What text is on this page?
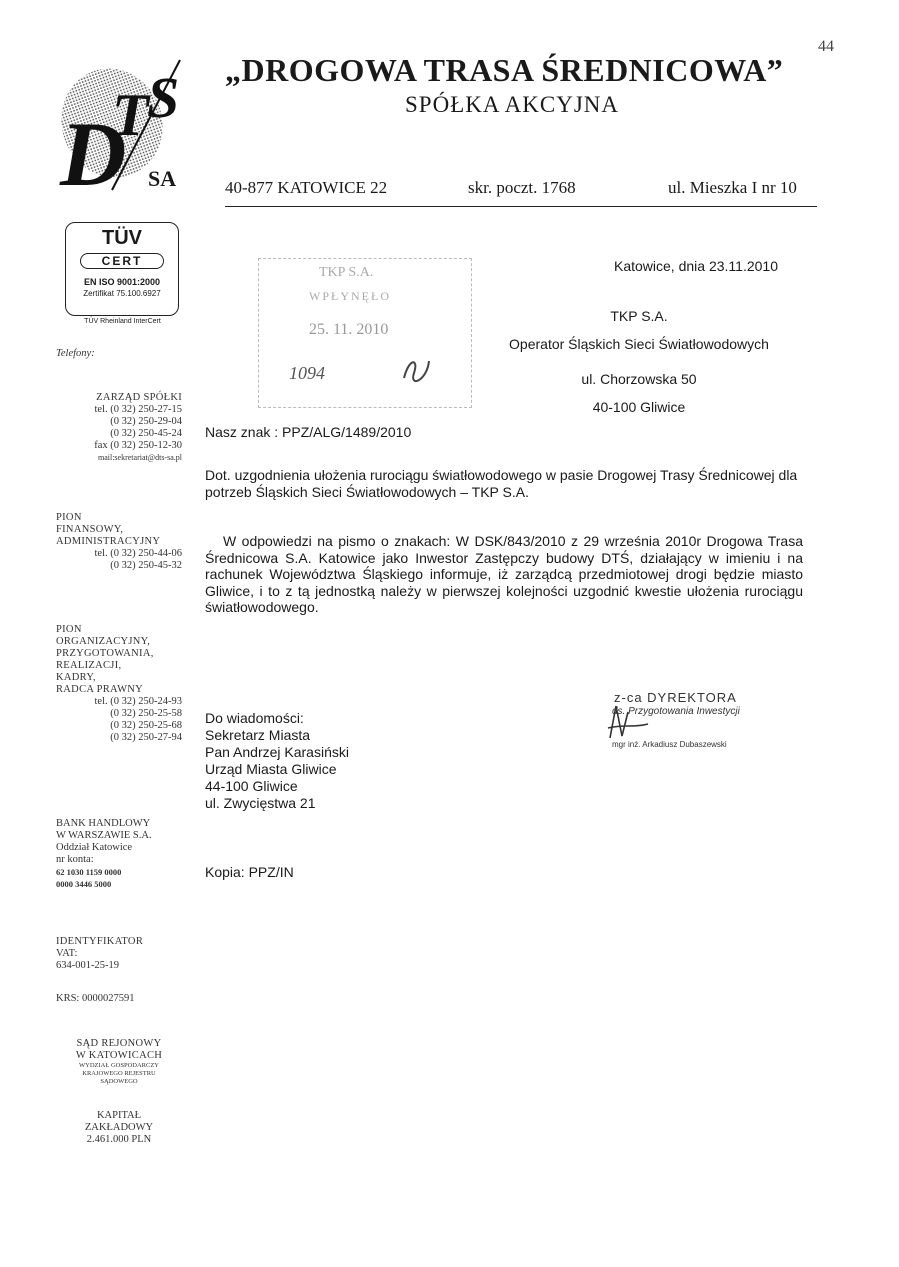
D
T
S
SA
„DROGOWA TRASA ŚREDNICOWA”
SPÓŁKA AKCYJNA
44
40-877 KATOWICE 22	skr. poczt. 1768	ul. Mieszka I nr 10
TÜV
CERT
EN ISO 9001:2000
Zertifikat 75.100.6927
TÜV Rheinland InterCert
Telefony:
ZARZĄD SPÓŁKI
tel. (0 32) 250-27-15
(0 32) 250-29-04
(0 32) 250-45-24
fax (0 32) 250-12-30
mail:sekretariat@dts-sa.pl
PION
FINANSOWY,
ADMINISTRACYJNY
tel. (0 32) 250-44-06
(0 32) 250-45-32
PION
ORGANIZACYJNY,
PRZYGOTOWANIA,
REALIZACJI,
KADRY,
RADCA PRAWNY
tel. (0 32) 250-24-93
(0 32) 250-25-58
(0 32) 250-25-68
(0 32) 250-27-94
BANK HANDLOWY
W WARSZAWIE S.A.
Oddział Katowice
nr konta:
62 1030 1159 0000
0000 3446 5000
IDENTYFIKATOR
VAT:
634-001-25-19
KRS: 0000027591
SĄD REJONOWY
W KATOWICACH
WYDZIAŁ GOSPODARCZY
KRAJOWEGO REJESTRU
SĄDOWEGO
KAPITAŁ
ZAKŁADOWY
2.461.000 PLN
TKP S.A.
WPŁYNĘŁO
25. 11. 2010
1094
Katowice, dnia 23.11.2010
TKP S.A.
Operator Śląskich Sieci Światłowodowych
ul. Chorzowska 50
40-100 Gliwice
Nasz znak : PPZ/ALG/1489/2010
Dot. uzgodnienia ułożenia rurociągu światłowodowego w pasie Drogowej Trasy Średnicowej dla potrzeb Śląskich Sieci Światłowodowych – TKP S.A.

W odpowiedzi na pismo o znakach: W DSK/843/2010 z 29 września 2010r Drogowa Trasa Średnicowa S.A. Katowice jako Inwestor Zastępczy budowy DTŚ, działający w imieniu i na rachunek Województwa Śląskiego informuje, iż zarządcą przedmiotowej drogi będzie miasto Gliwice, i to z tą jednostką należy w pierwszej kolejności uzgodnić kwestie ułożenia rurociągu światłowodowego.

Do wiadomości:
Sekretarz Miasta
Pan Andrzej Karasiński
Urząd Miasta Gliwice
44-100 Gliwice
ul. Zwycięstwa 21
Kopia: PPZ/IN
z-ca DYREKTORA
ds. Przygotowania Inwestycji
mgr inż. Arkadiusz Dubaszewski
